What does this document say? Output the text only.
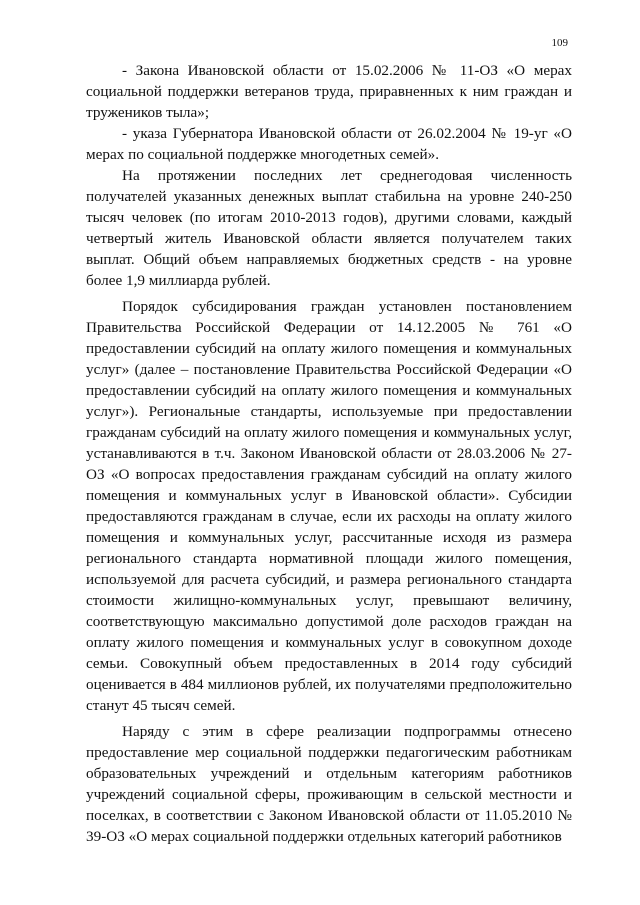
109

- Закона Ивановской области от 15.02.2006 № 11-ОЗ «О мерах социальной поддержки ветеранов труда, приравненных к ним граждан и тружеников тыла»;

- указа Губернатора Ивановской области от 26.02.2004 № 19-уг «О мерах по социальной поддержке многодетных семей».

На протяжении последних лет среднегодовая численность получателей указанных денежных выплат стабильна на уровне 240-250 тысяч человек (по итогам 2010-2013 годов), другими словами, каждый четвертый житель Ивановской области является получателем таких выплат. Общий объем направляемых бюджетных средств - на уровне более 1,9 миллиарда рублей.

Порядок субсидирования граждан установлен постановлением Правительства Российской Федерации от 14.12.2005 № 761 «О предоставлении субсидий на оплату жилого помещения и коммунальных услуг» (далее – постановление Правительства Российской Федерации «О предоставлении субсидий на оплату жилого помещения и коммунальных услуг»). Региональные стандарты, используемые при предоставлении гражданам субсидий на оплату жилого помещения и коммунальных услуг, устанавливаются в т.ч. Законом Ивановской области от 28.03.2006 № 27-ОЗ «О вопросах предоставления гражданам субсидий на оплату жилого помещения и коммунальных услуг в Ивановской области». Субсидии предоставляются гражданам в случае, если их расходы на оплату жилого помещения и коммунальных услуг, рассчитанные исходя из размера регионального стандарта нормативной площади жилого помещения, используемой для расчета субсидий, и размера регионального стандарта стоимости жилищно-коммунальных услуг, превышают величину, соответствующую максимально допустимой доле расходов граждан на оплату жилого помещения и коммунальных услуг в совокупном доходе семьи. Совокупный объем предоставленных в 2014 году субсидий оценивается в 484 миллионов рублей, их получателями предположительно станут 45 тысяч семей.

Наряду с этим в сфере реализации подпрограммы отнесено предоставление мер социальной поддержки педагогическим работникам образовательных учреждений и отдельным категориям работников учреждений социальной сферы, проживающим в сельской местности и поселках, в соответствии с Законом Ивановской области от 11.05.2010 № 39-ОЗ «О мерах социальной поддержки отдельных категорий работников
